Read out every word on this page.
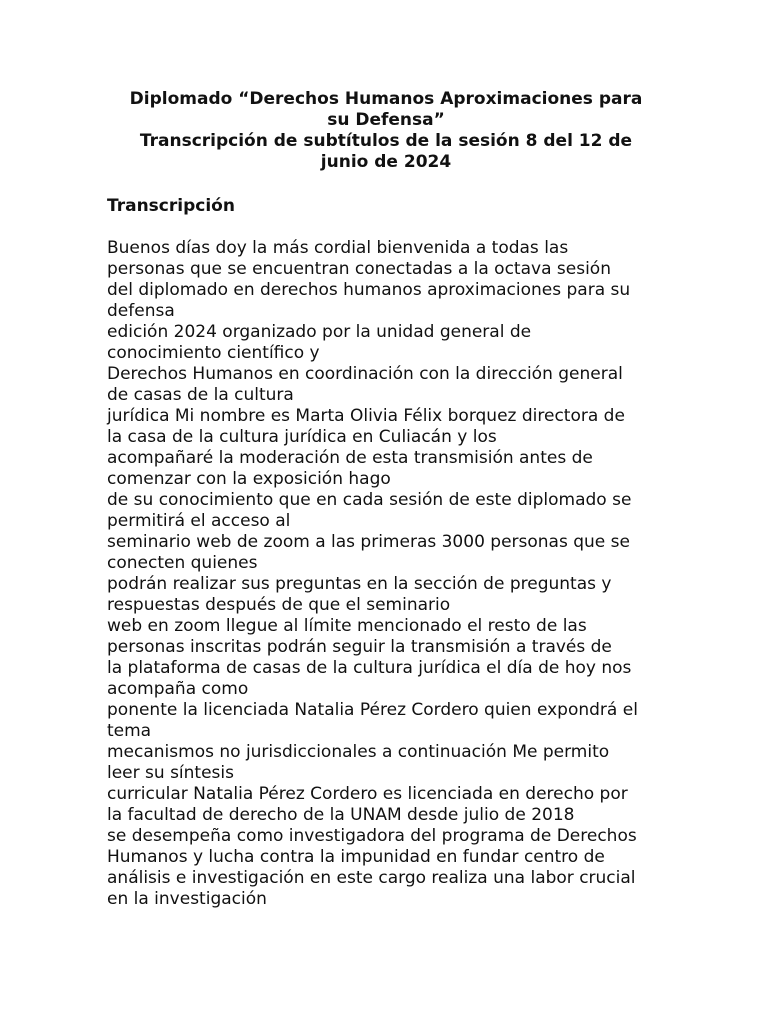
Diplomado “Derechos Humanos Aproximaciones para
su Defensa”
Transcripción de subtítulos de la sesión 8 del 12 de
junio de 2024
Transcripción
Buenos días doy la más cordial bienvenida a todas las
personas que se encuentran conectadas a la octava sesión
del diplomado en derechos humanos aproximaciones para su
defensa
edición 2024 organizado por la unidad general de
conocimiento científico y
Derechos Humanos en coordinación con la dirección general
de casas de la cultura
jurídica Mi nombre es Marta Olivia Félix borquez directora de
la casa de la cultura jurídica en Culiacán y los
acompañaré la moderación de esta transmisión antes de
comenzar con la exposición hago
de su conocimiento que en cada sesión de este diplomado se
permitirá el acceso al
seminario web de zoom a las primeras 3000 personas que se
conecten quienes
podrán realizar sus preguntas en la sección de preguntas y
respuestas después de que el seminario
web en zoom llegue al límite mencionado el resto de las
personas inscritas podrán seguir la transmisión a través de
la plataforma de casas de la cultura jurídica el día de hoy nos
acompaña como
ponente la licenciada Natalia Pérez Cordero quien expondrá el
tema
mecanismos no jurisdiccionales a continuación Me permito
leer su síntesis
curricular Natalia Pérez Cordero es licenciada en derecho por
la facultad de derecho de la UNAM desde julio de 2018
se desempeña como investigadora del programa de Derechos
Humanos y lucha contra la impunidad en fundar centro de
análisis e investigación en este cargo realiza una labor crucial
en la investigación
